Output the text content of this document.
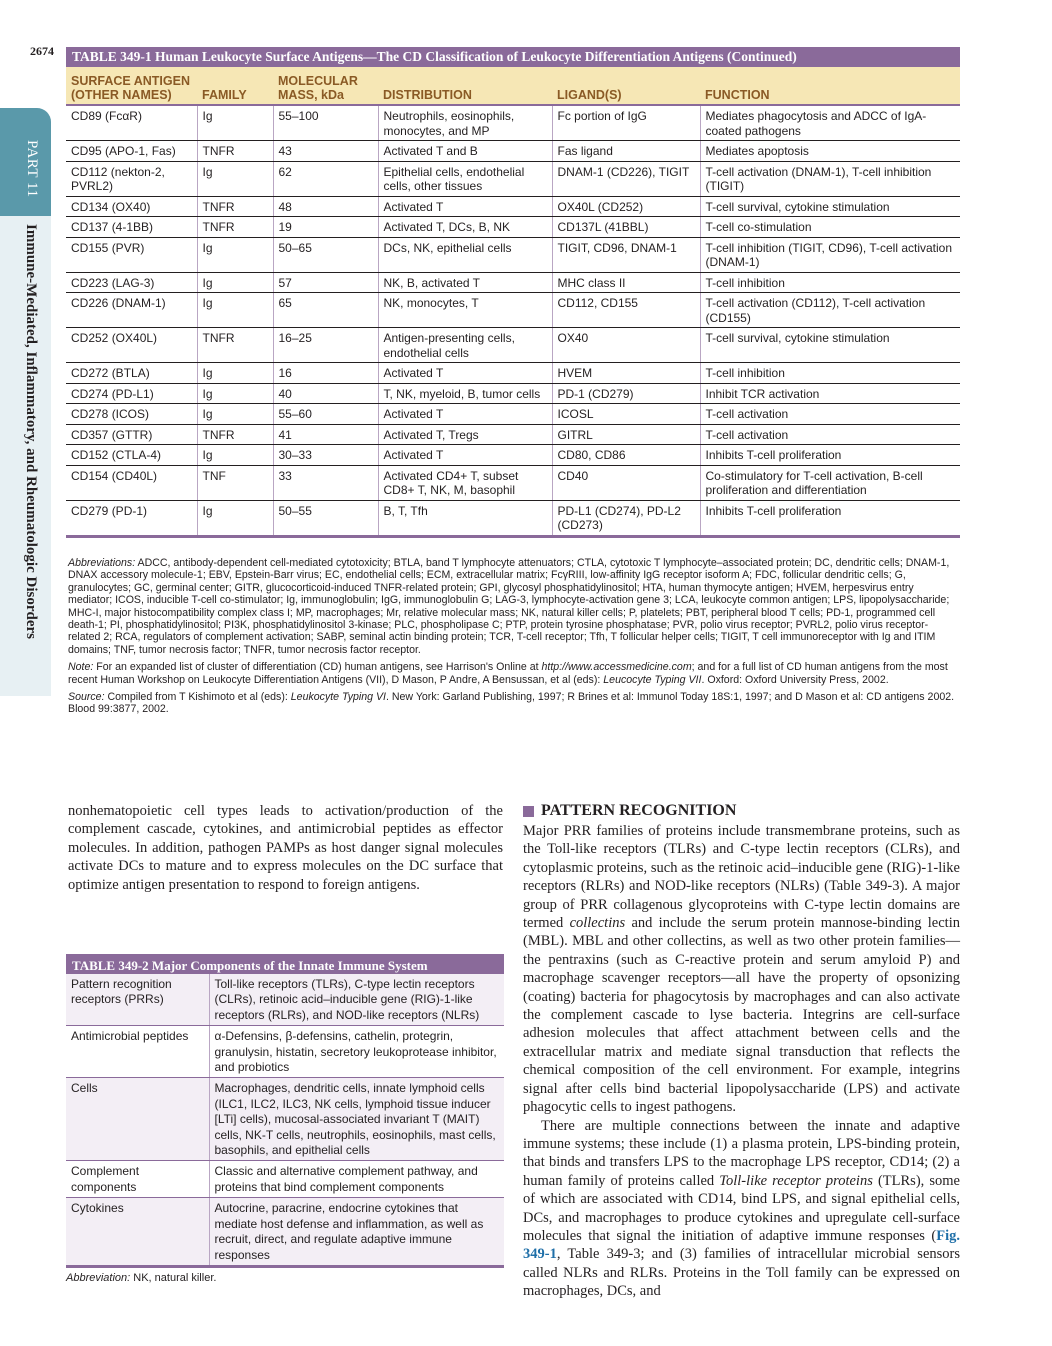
2674
PART 11
Immune-Mediated, Inflammatory, and Rheumatologic Disorders
TABLE 349-1 Human Leukocyte Surface Antigens—The CD Classification of Leukocyte Differentiation Antigens (Continued)
SURFACE ANTIGEN (OTHER NAMES)	FAMILY	MOLECULAR MASS, kDa	DISTRIBUTION	LIGAND(S)	FUNCTION
CD89 (FcαR)	Ig	55–100	Neutrophils, eosinophils, monocytes, and MP	Fc portion of IgG	Mediates phagocytosis and ADCC of IgA-coated pathogens
CD95 (APO-1, Fas)	TNFR	43	Activated T and B	Fas ligand	Mediates apoptosis
CD112 (nekton-2, PVRL2)	Ig	62	Epithelial cells, endothelial cells, other tissues	DNAM-1 (CD226), TIGIT	T-cell activation (DNAM-1), T-cell inhibition (TIGIT)
CD134 (OX40)	TNFR	48	Activated T	OX40L (CD252)	T-cell survival, cytokine stimulation
CD137 (4-1BB)	TNFR	19	Activated T, DCs, B, NK	CD137L (41BBL)	T-cell co-stimulation
CD155 (PVR)	Ig	50–65	DCs, NK, epithelial cells	TIGIT, CD96, DNAM-1	T-cell inhibition (TIGIT, CD96), T-cell activation (DNAM-1)
CD223 (LAG-3)	Ig	57	NK, B, activated T	MHC class II	T-cell inhibition
CD226 (DNAM-1)	Ig	65	NK, monocytes, T	CD112, CD155	T-cell activation (CD112), T-cell activation (CD155)
CD252 (OX40L)	TNFR	16–25	Antigen-presenting cells, endothelial cells	OX40	T-cell survival, cytokine stimulation
CD272 (BTLA)	Ig	16	Activated T	HVEM	T-cell inhibition
CD274 (PD-L1)	Ig	40	T, NK, myeloid, B, tumor cells	PD-1 (CD279)	Inhibit TCR activation
CD278 (ICOS)	Ig	55–60	Activated T	ICOSL	T-cell activation
CD357 (GTTR)	TNFR	41	Activated T, Tregs	GITRL	T-cell activation
CD152 (CTLA-4)	Ig	30–33	Activated T	CD80, CD86	Inhibits T-cell proliferation
CD154 (CD40L)	TNF	33	Activated CD4+ T, subset CD8+ T, NK, M, basophil	CD40	Co-stimulatory for T-cell activation, B-cell proliferation and differentiation
CD279 (PD-1)	Ig	50–55	B, T, Tfh	PD-L1 (CD274), PD-L2 (CD273)	Inhibits T-cell proliferation

Abbreviations: ADCC, antibody-dependent cell-mediated cytotoxicity; BTLA, band T lymphocyte attenuators; CTLA, cytotoxic T lymphocyte–associated protein; DC, dendritic cells; DNAM-1, DNAX accessory molecule-1; EBV, Epstein-Barr virus; EC, endothelial cells; ECM, extracellular matrix; FcγRIII, low-affinity IgG receptor isoform A; FDC, follicular dendritic cells; G, granulocytes; GC, germinal center; GITR, glucocorticoid-induced TNFR-related protein; GPI, glycosyl phosphatidylinositol; HTA, human thymocyte antigen; HVEM, herpesvirus entry mediator; ICOS, inducible T-cell co-stimulator; Ig, immunoglobulin; IgG, immunoglobulin G; LAG-3, lymphocyte-activation gene 3; LCA, leukocyte common antigen; LPS, lipopolysaccharide; MHC-I, major histocompatibility complex class I; MP, macrophages; Mr, relative molecular mass; NK, natural killer cells; P, platelets; PBT, peripheral blood T cells; PD-1, programmed cell death-1; PI, phosphatidylinositol; PI3K, phosphatidylinositol 3-kinase; PLC, phospholipase C; PTP, protein tyrosine phosphatase; PVR, polio virus receptor; PVRL2, polio virus receptor-related 2; RCA, regulators of complement activation; SABP, seminal actin binding protein; TCR, T-cell receptor; Tfh, T follicular helper cells; TIGIT, T cell immunoreceptor with Ig and ITIM domains; TNF, tumor necrosis factor; TNFR, tumor necrosis factor receptor.

Note: For an expanded list of cluster of differentiation (CD) human antigens, see Harrison's Online at http://www.accessmedicine.com; and for a full list of CD human antigens from the most recent Human Workshop on Leukocyte Differentiation Antigens (VII), D Mason, P Andre, A Bensussan, et al (eds): Leucocyte Typing VII. Oxford: Oxford University Press, 2002.

Source: Compiled from T Kishimoto et al (eds): Leukocyte Typing VI. New York: Garland Publishing, 1997; R Brines et al: Immunol Today 18S:1, 1997; and D Mason et al: CD antigens 2002. Blood 99:3877, 2002.

nonhematopoietic cell types leads to activation/production of the complement cascade, cytokines, and antimicrobial peptides as effector molecules. In addition, pathogen PAMPs as host danger signal molecules activate DCs to mature and to express molecules on the DC surface that optimize antigen presentation to respond to foreign antigens.

TABLE 349-2 Major Components of the Innate Immune System
Pattern recognition receptors (PRRs)	Toll-like receptors (TLRs), C-type lectin receptors (CLRs), retinoic acid–inducible gene (RIG)-1-like receptors (RLRs), and NOD-like receptors (NLRs)
Antimicrobial peptides	α-Defensins, β-defensins, cathelin, protegrin, granulysin, histatin, secretory leukoprotease inhibitor, and probiotics
Cells	Macrophages, dendritic cells, innate lymphoid cells (ILC1, ILC2, ILC3, NK cells, lymphoid tissue inducer [LTi] cells), mucosal-associated invariant T (MAIT) cells, NK-T cells, neutrophils, eosinophils, mast cells, basophils, and epithelial cells
Complement components	Classic and alternative complement pathway, and proteins that bind complement components
Cytokines	Autocrine, paracrine, endocrine cytokines that mediate host defense and inflammation, as well as recruit, direct, and regulate adaptive immune responses
Abbreviation: NK, natural killer.
PATTERN RECOGNITION

Major PRR families of proteins include transmembrane proteins, such as the Toll-like receptors (TLRs) and C-type lectin receptors (CLRs), and cytoplasmic proteins, such as the retinoic acid–inducible gene (RIG)-1-like receptors (RLRs) and NOD-like receptors (NLRs) (Table 349-3). A major group of PRR collagenous glycoproteins with C-type lectin domains are termed collectins and include the serum protein mannose-binding lectin (MBL). MBL and other collectins, as well as two other protein families—the pentraxins (such as C-reactive protein and serum amyloid P) and macrophage scavenger receptors—all have the property of opsonizing (coating) bacteria for phagocytosis by macrophages and can also activate the complement cascade to lyse bacteria. Integrins are cell-surface adhesion molecules that affect attachment between cells and the extracellular matrix and mediate signal transduction that reflects the chemical composition of the cell environment. For example, integrins signal after cells bind bacterial lipopolysaccharide (LPS) and activate phagocytic cells to ingest pathogens.

There are multiple connections between the innate and adaptive immune systems; these include (1) a plasma protein, LPS-binding protein, that binds and transfers LPS to the macrophage LPS receptor, CD14; (2) a human family of proteins called Toll-like receptor proteins (TLRs), some of which are associated with CD14, bind LPS, and signal epithelial cells, DCs, and macrophages to produce cytokines and upregulate cell-surface molecules that signal the initiation of adaptive immune responses (Fig. 349-1, Table 349-3; and (3) families of intracellular microbial sensors called NLRs and RLRs. Proteins in the Toll family can be expressed on macrophages, DCs, and
